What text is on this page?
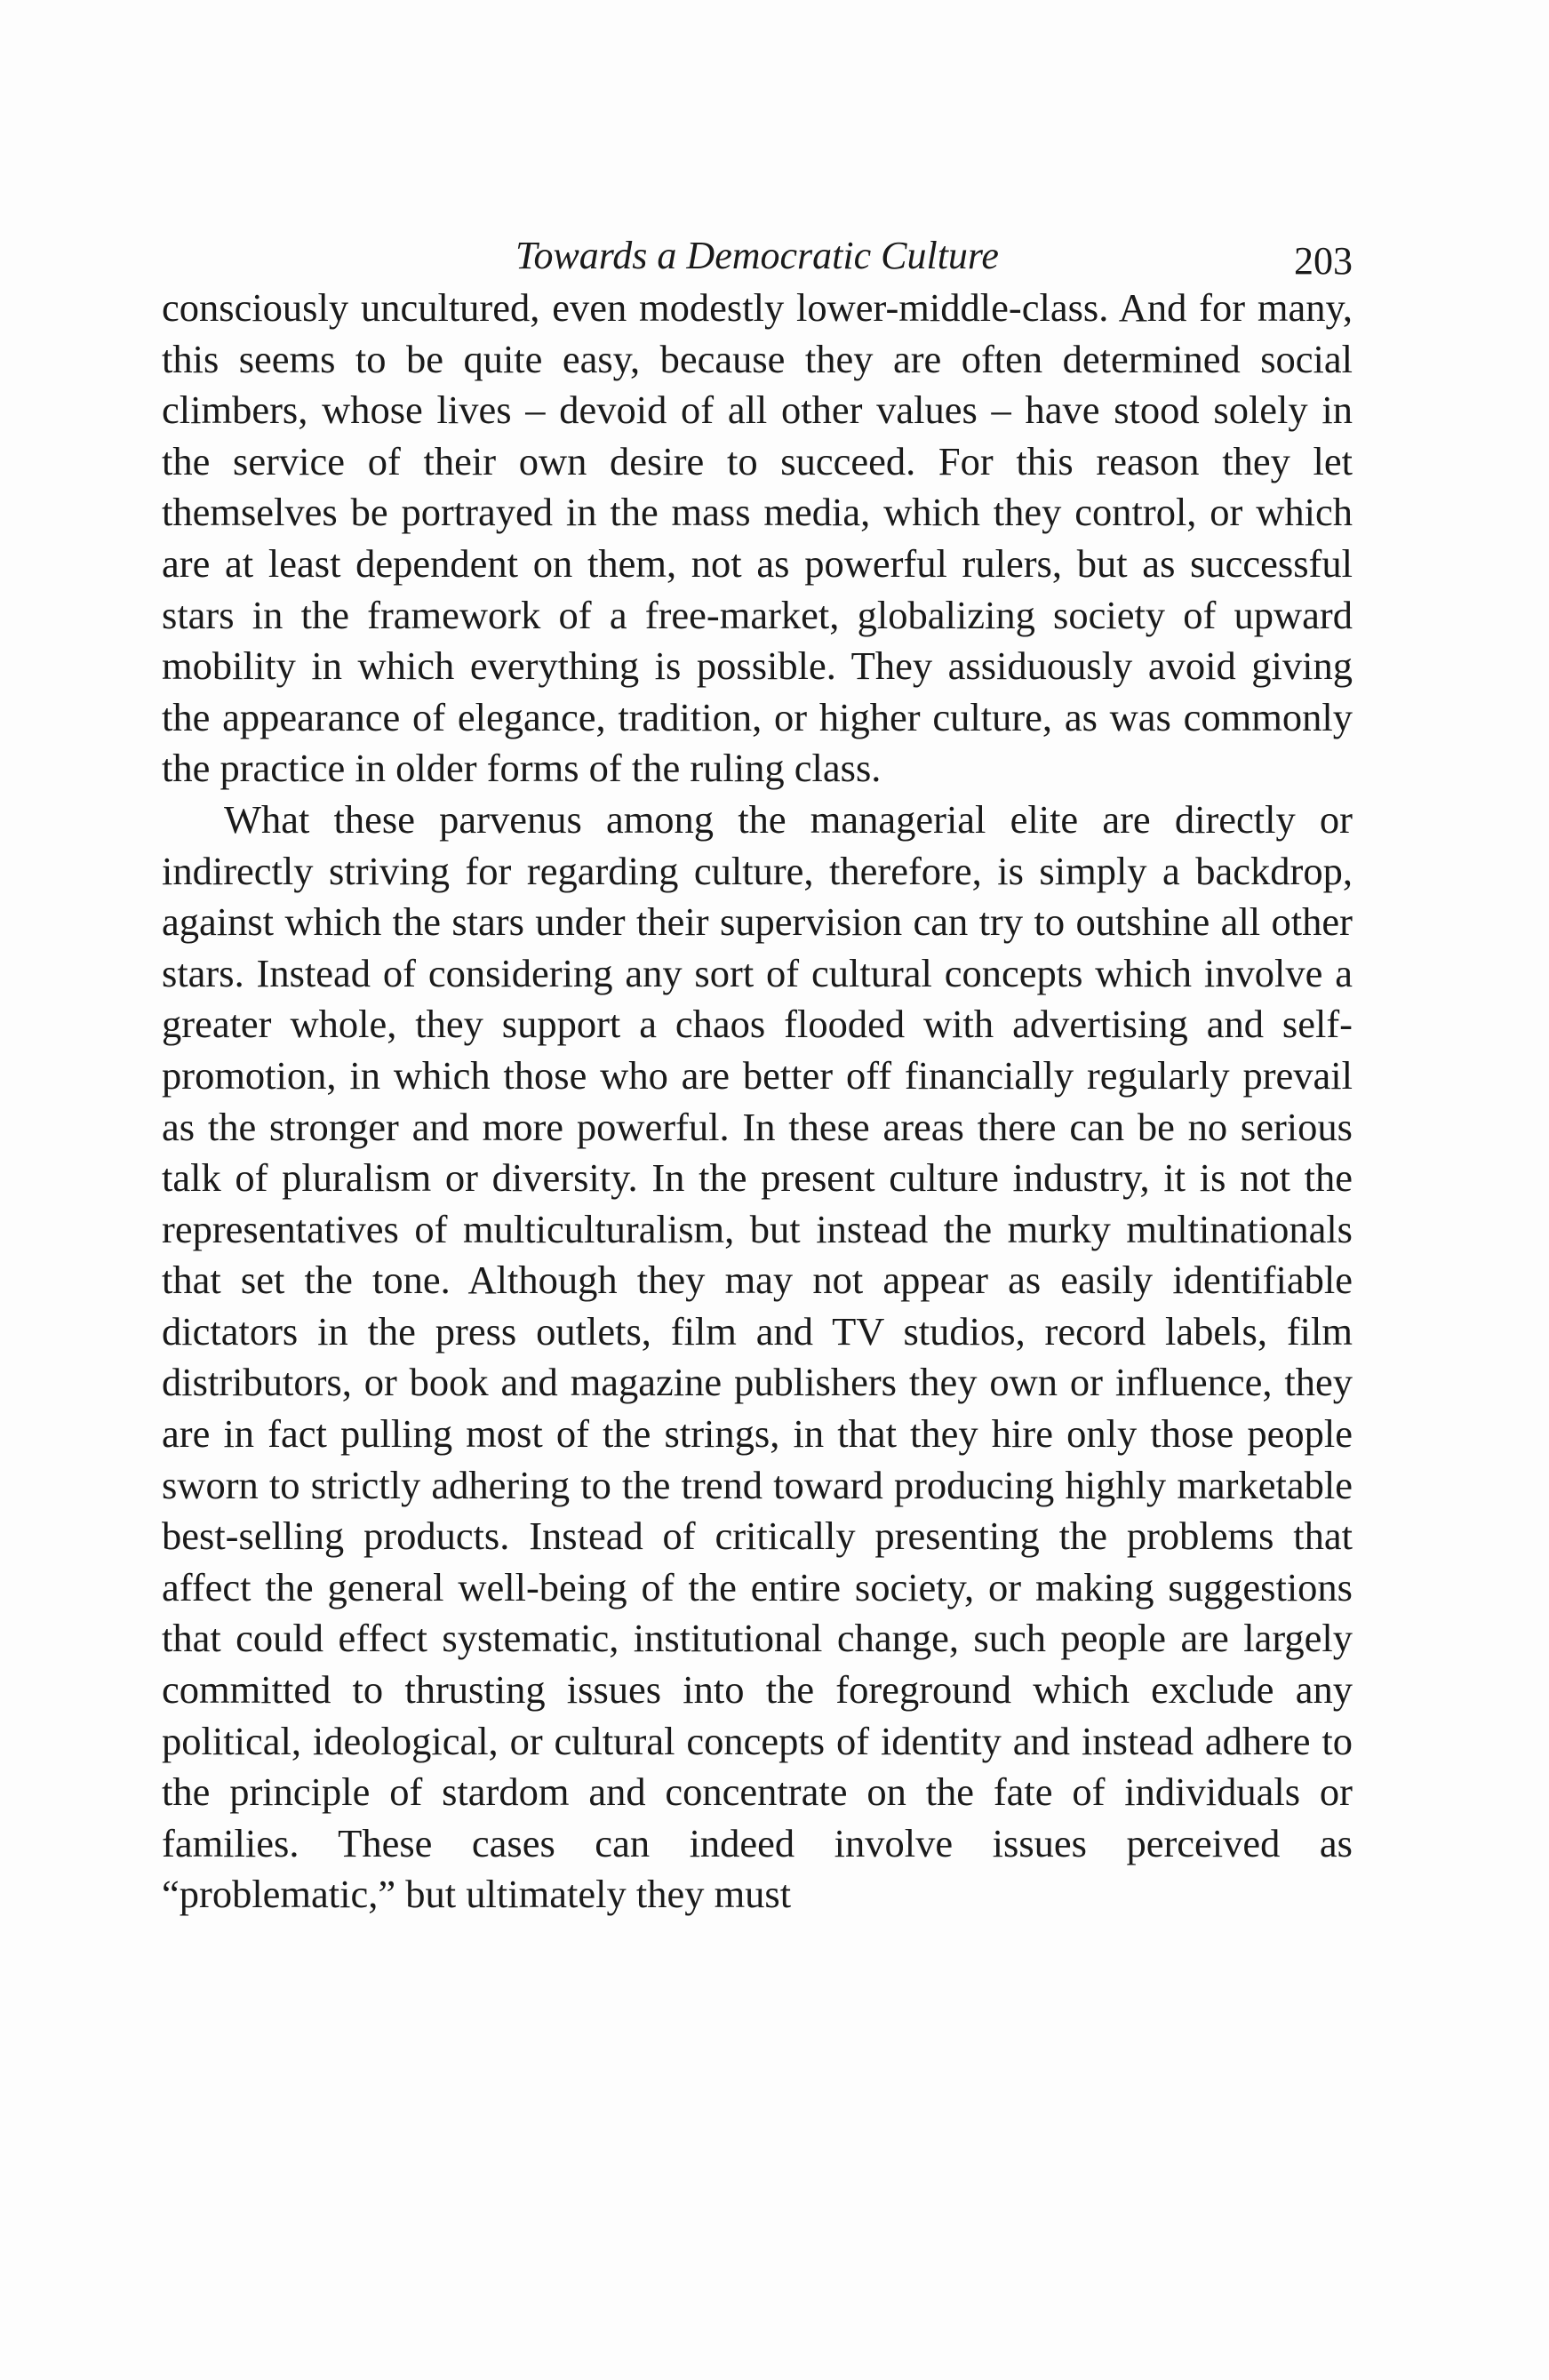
Towards a Democratic Culture	203

consciously uncultured, even modestly lower-middle-class. And for many, this seems to be quite easy, because they are often determined social climbers, whose lives – devoid of all other values – have stood solely in the service of their own desire to succeed. For this reason they let themselves be portrayed in the mass media, which they control, or which are at least dependent on them, not as powerful rulers, but as successful stars in the framework of a free-market, globalizing society of upward mobility in which everything is possible. They assiduously avoid giving the appearance of elegance, tradition, or higher culture, as was commonly the practice in older forms of the ruling class.

What these parvenus among the managerial elite are directly or indirectly striving for regarding culture, therefore, is simply a backdrop, against which the stars under their supervision can try to outshine all other stars. Instead of considering any sort of cultural concepts which involve a greater whole, they support a chaos flooded with advertising and self-promotion, in which those who are better off financially regularly prevail as the stronger and more powerful. In these areas there can be no serious talk of pluralism or diversity. In the present culture industry, it is not the representatives of multiculturalism, but instead the murky multinationals that set the tone. Although they may not appear as easily identifiable dictators in the press outlets, film and TV studios, record labels, film distributors, or book and magazine publishers they own or influence, they are in fact pulling most of the strings, in that they hire only those people sworn to strictly adhering to the trend toward producing highly marketable best-selling products. Instead of critically presenting the problems that affect the general well-being of the entire society, or making suggestions that could effect systematic, institutional change, such people are largely committed to thrusting issues into the foreground which exclude any political, ideological, or cultural concepts of identity and instead adhere to the principle of stardom and concentrate on the fate of individuals or families. These cases can indeed involve issues perceived as “problematic,” but ultimately they must
